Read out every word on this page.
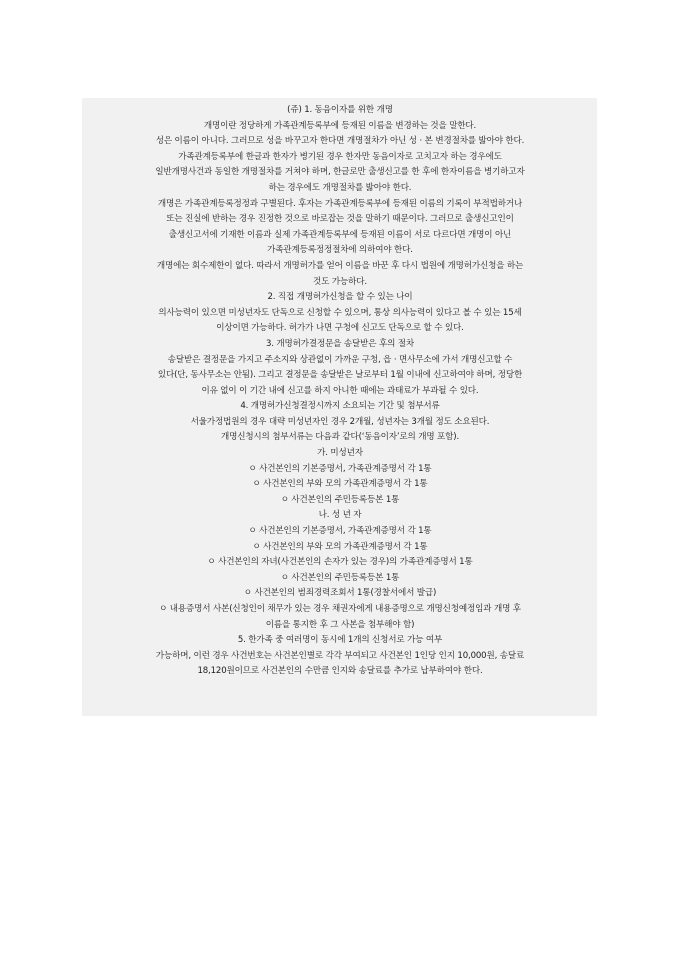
(쥬) 1. 동음이자를 위한 개명
개명이란 정당하게 가족관계등록부에 등재된 이름을 변경하는 것을 말한다.
성은 이름이 아니다. 그러므로 성을 바꾸고자 한다면 개명절차가 아닌 성 · 본 변경절차를 밟아야 한다.
가족관계등록부에 한글과 한자가 병기된 경우 한자만 동음이자로 고치고자 하는 경우에도
일반개명사건과 동일한 개명절차를 거쳐야 하며, 한글로만 출생신고를 한 후에 한자이름을 병기하고자
하는 경우에도 개명절차를 밟아야 한다.
개명은 가족관계등록정정과 구별된다. 후자는 가족관계등록부에 등재된 이름의 기록이 부적법하거나
또는 진실에 반하는 경우 진정한 것으로 바로잡는 것을 말하기 때문이다. 그러므로 출생신고인이
출생신고서에 기재한 이름과 실제 가족관계등록부에 등재된 이름이 서로 다르다면 개명이 아닌
가족관계등록정정절차에 의하여야 한다.
개명에는 회수제한이 없다. 따라서 개명허가를 얻어 이름을 바꾼 후 다시 법원에 개명허가신청을 하는
것도 가능하다.
2. 직접 개명허가신청을 할 수 있는 나이
의사능력이 있으면 미성년자도 단독으로 신청할 수 있으며, 통상 의사능력이 있다고 볼 수 있는 15세
이상이면 가능하다. 허가가 나면 구청에 신고도 단독으로 할 수 있다.
3. 개명허가결정문을 송달받은 후의 절차
송달받은 결정문을 가지고 주소지와 상관없이 가까운 구청, 읍 · 면사무소에 가서 개명신고할 수
있다(단, 동사무소는 안됨). 그리고 결정문을 송달받은 날로부터 1월 이내에 신고하여야 하며, 정당한
이유 없이 이 기간 내에 신고를 하지 아니한 때에는 과태료가 부과될 수 있다.
4. 개명허가신청결정시까지 소요되는 기간 및 첨부서류
서울가정법원의 경우 대략 미성년자인 경우 2개월, 성년자는 3개월 정도 소요된다.
개명신청시의 첨부서류는 다음과 같다(‘동음이자’로의 개명 포함).
가. 미성년자
ㅇ 사건본인의 기본증명서, 가족관계증명서 각 1통
ㅇ 사건본인의 부와 모의 가족관계증명서 각 1통
ㅇ 사건본인의 주민등록등본 1통
나. 성 년 자
ㅇ 사건본인의 기본증명서, 가족관계증명서 각 1통
ㅇ 사건본인의 부와 모의 가족관계증명서 각 1통
ㅇ 사건본인의 자녀(사건본인의 손자가 있는 경우)의 가족관계증명서 1통
ㅇ 사건본인의 주민등록등본 1통
ㅇ 사건본인의 범죄경력조회서 1통(경찰서에서 발급)
ㅇ 내용증명서 사본(신청인이 채무가 있는 경우 채권자에게 내용증명으로 개명신청예정임과 개명 후
이름을 통지한 후 그 사본을 첨부해야 함)
5. 한가족 중 여러명이 동시에 1개의 신청서로 가능 여부
가능하며, 이런 경우 사건번호는 사건본인별로 각각 부여되고 사건본인 1인당 인지 10,000원, 송달료
18,120원이므로 사건본인의 수만큼 인지와 송달료를 추가로 납부하여야 한다.
